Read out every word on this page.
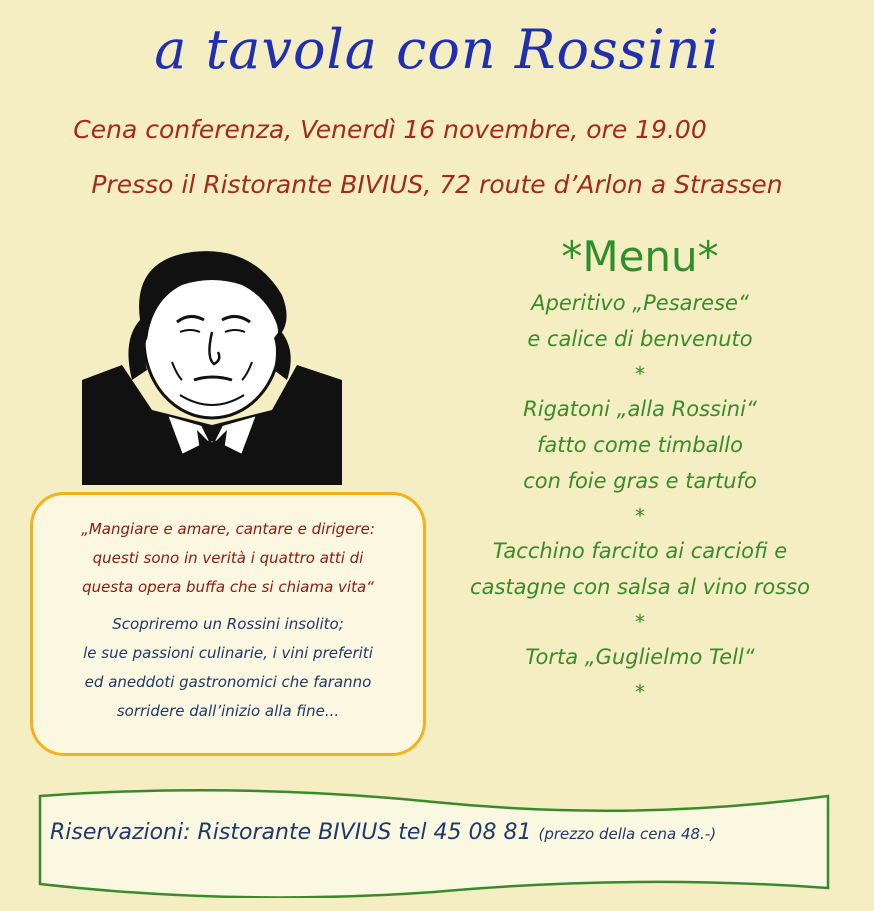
a tavola con Rossini
Cena conferenza, Venerdì 16 novembre, ore 19.00
Presso il Ristorante BIVIUS, 72 route d’Arlon a Strassen
„Mangiare e amare, cantare e dirigere:
questi sono in verità i quattro atti di
questa opera buffa che si chiama vita“
Scopriremo un Rossini insolito;
le sue passioni culinarie, i vini preferiti
ed aneddoti gastronomici che faranno
sorridere dall’inizio alla fine...
*Menu*
Aperitivo „Pesarese“
e calice di benvenuto
*
Rigatoni „alla Rossini“
fatto come timballo
con foie gras e tartufo
*
Tacchino farcito ai carciofi e
castagne con salsa al vino rosso
*
Torta „Guglielmo Tell“
*
Riservazioni: Ristorante BIVIUS tel 45 08 81 (prezzo della cena 48.-)
